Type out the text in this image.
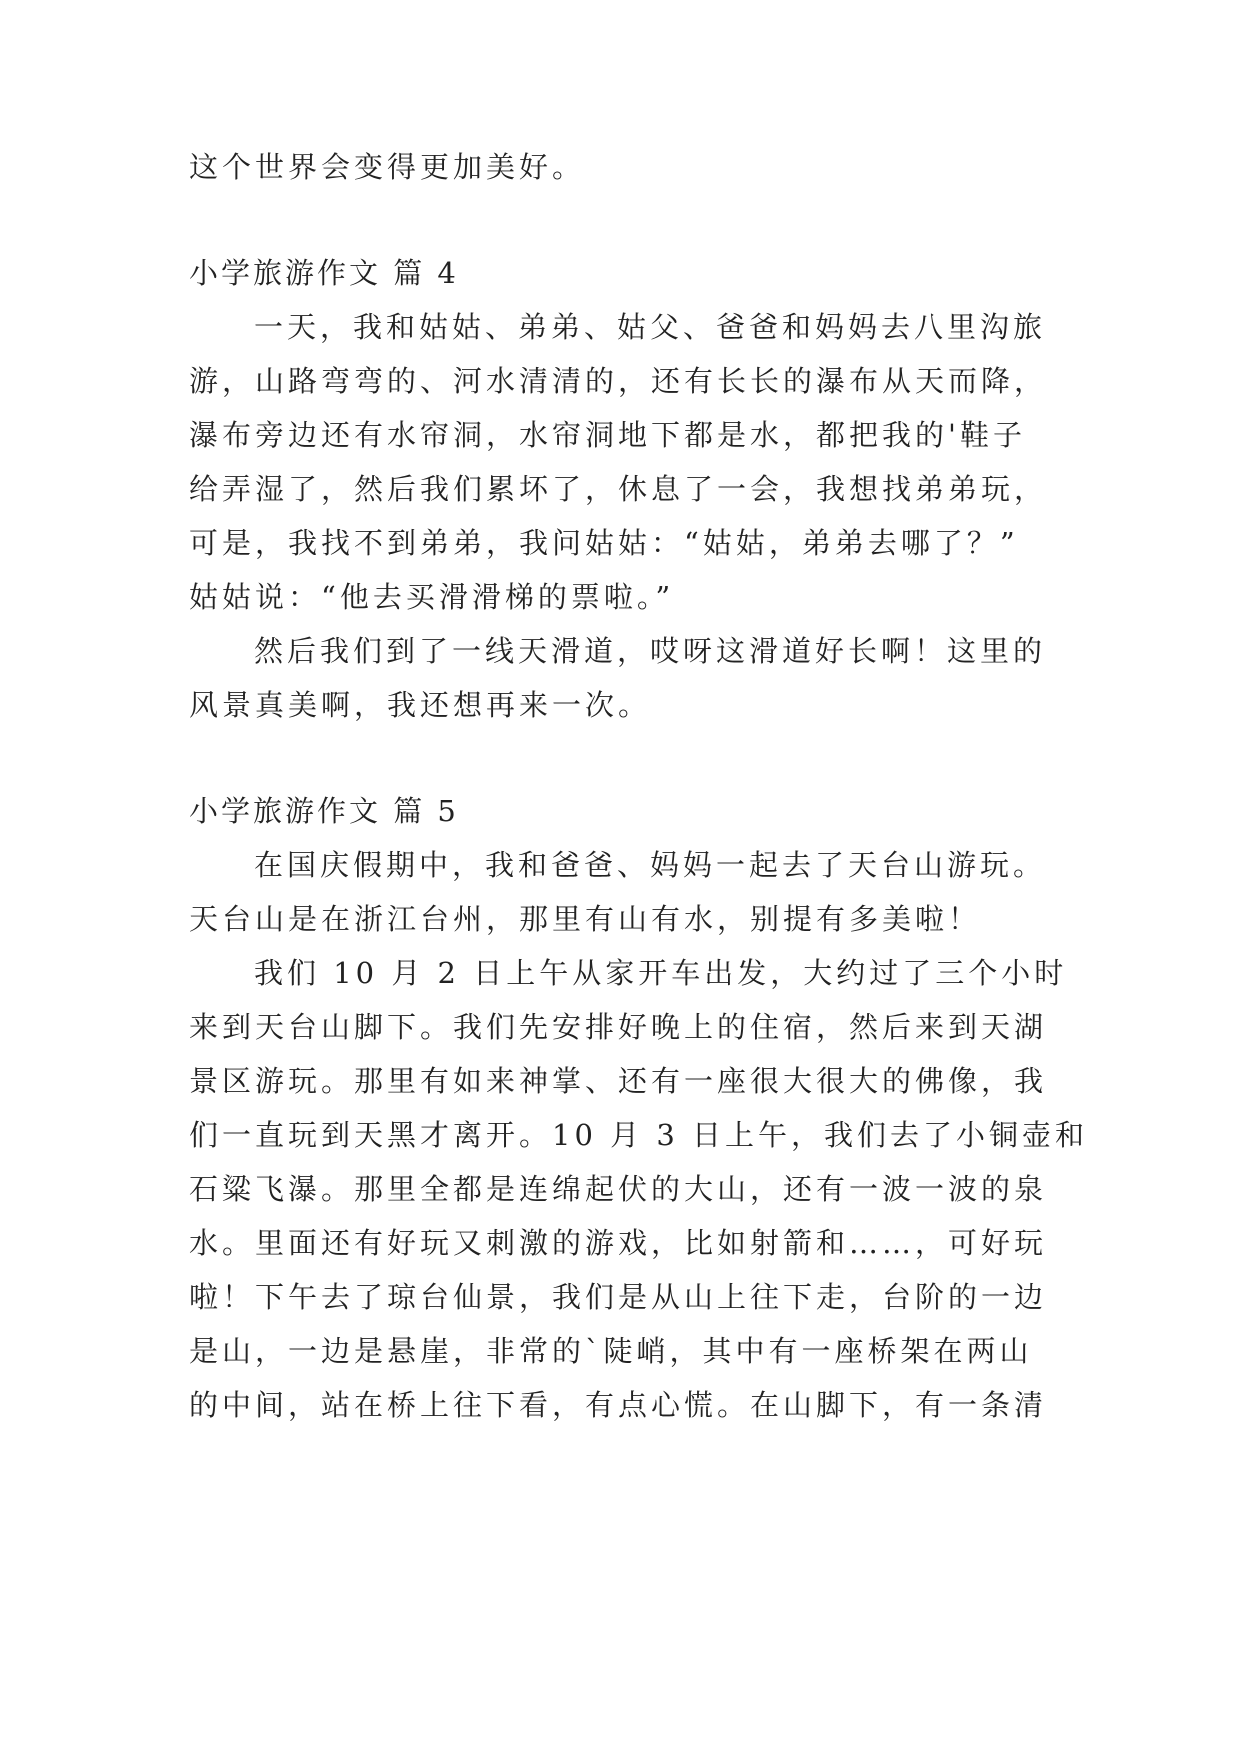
这个世界会变得更加美好。
小学旅游作文 篇 4
一天，我和姑姑、弟弟、姑父、爸爸和妈妈去八里沟旅
游，山路弯弯的、河水清清的，还有长长的瀑布从天而降，
瀑布旁边还有水帘洞，水帘洞地下都是水，都把我的'鞋子
给弄湿了，然后我们累坏了，休息了一会，我想找弟弟玩，
可是，我找不到弟弟，我问姑姑：“姑姑，弟弟去哪了？”
姑姑说：“他去买滑滑梯的票啦。”
然后我们到了一线天滑道，哎呀这滑道好长啊！这里的
风景真美啊，我还想再来一次。
小学旅游作文 篇 5
在国庆假期中，我和爸爸、妈妈一起去了天台山游玩。
天台山是在浙江台州，那里有山有水，别提有多美啦！
我们 10 月 2 日上午从家开车出发，大约过了三个小时
来到天台山脚下。我们先安排好晚上的住宿，然后来到天湖
景区游玩。那里有如来神掌、还有一座很大很大的佛像，我
们一直玩到天黑才离开。10 月 3 日上午，我们去了小铜壶和
石粱飞瀑。那里全都是连绵起伏的大山，还有一波一波的泉
水。里面还有好玩又刺激的游戏，比如射箭和……，可好玩
啦！下午去了琼台仙景，我们是从山上往下走，台阶的一边
是山，一边是悬崖，非常的`陡峭，其中有一座桥架在两山
的中间，站在桥上往下看，有点心慌。在山脚下，有一条清
